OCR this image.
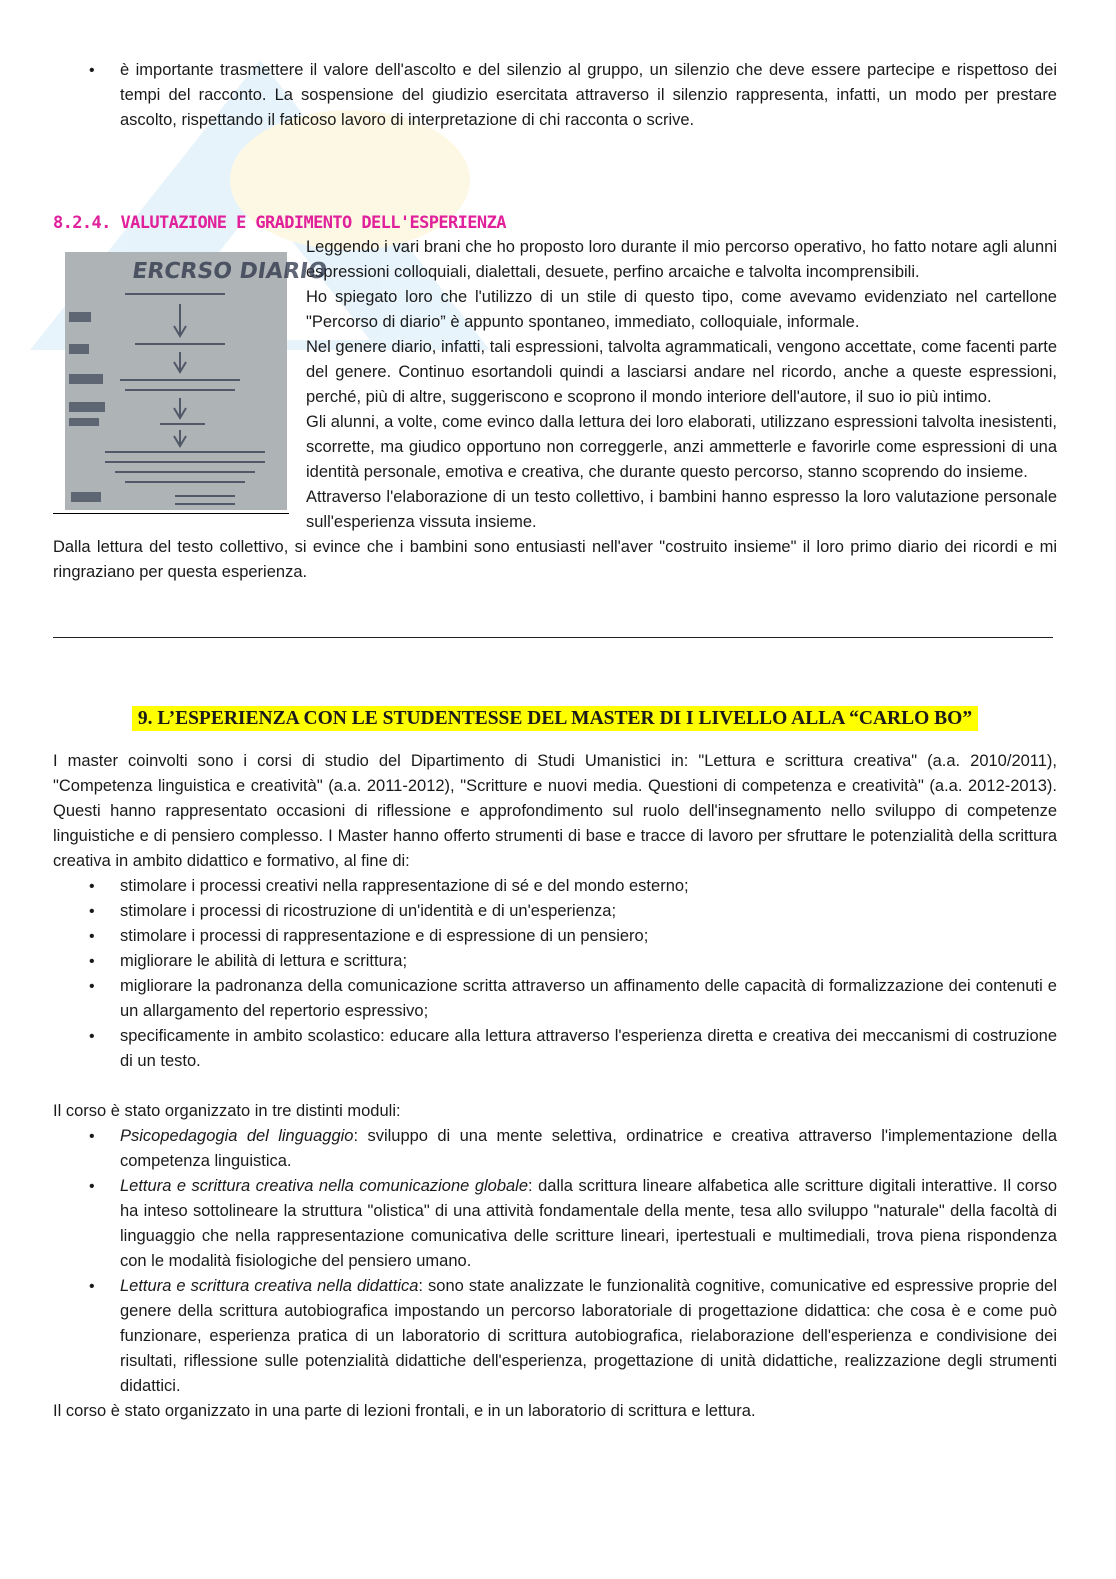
• è importante trasmettere il valore dell'ascolto e del silenzio al gruppo, un silenzio che deve essere partecipe e rispettoso dei tempi del racconto. La sospensione del giudizio esercitata attraverso il silenzio rappresenta, infatti, un modo per prestare ascolto, rispettando il faticoso lavoro di interpretazione di chi racconta o scrive.
8.2.4. VALUTAZIONE E GRADIMENTO DELL'ESPERIENZA
ERCRSO DIARIO

Leggendo i vari brani che ho proposto loro durante il mio percorso operativo, ho fatto notare agli alunni espressioni colloquiali, dialettali, desuete, perfino arcaiche e talvolta incomprensibili.

Ho spiegato loro che l'utilizzo di un stile di questo tipo, come avevamo evidenziato nel cartellone "Percorso di diario” è appunto spontaneo, immediato, colloquiale, informale.

Nel genere diario, infatti, tali espressioni, talvolta agrammaticali, vengono accettate, come facenti parte del genere. Continuo esortandoli quindi a lasciarsi andare nel ricordo, anche a queste espressioni, perché, più di altre, suggeriscono e scoprono il mondo interiore dell'autore, il suo io più intimo.

Gli alunni, a volte, come evinco dalla lettura dei loro elaborati, utilizzano espressioni talvolta inesistenti, scorrette, ma giudico opportuno non correggerle, anzi ammetterle e favorirle come espressioni di una identità personale, emotiva e creativa, che durante questo percorso, stanno scoprendo do insieme.

Attraverso l'elaborazione di un testo collettivo, i bambini hanno espresso la loro valutazione personale sull'esperienza vissuta insieme.

Dalla lettura del testo collettivo, si evince che i bambini sono entusiasti nell'aver "costruito insieme" il loro primo diario dei ricordi e mi ringraziano per questa esperienza.

9. L’ESPERIENZA CON LE STUDENTESSE DEL MASTER DI I LIVELLO ALLA “CARLO BO”

I master coinvolti sono i corsi di studio del Dipartimento di Studi Umanistici in: "Lettura e scrittura creativa" (a.a. 2010/2011), "Competenza linguistica e creatività" (a.a. 2011-2012), "Scritture e nuovi media. Questioni di competenza e creatività" (a.a. 2012-2013). Questi hanno rappresentato occasioni di riflessione e approfondimento sul ruolo dell'insegnamento nello sviluppo di competenze linguistiche e di pensiero complesso. I Master hanno offerto strumenti di base e tracce di lavoro per sfruttare le potenzialità della scrittura creativa in ambito didattico e formativo, al fine di:

• stimolare i processi creativi nella rappresentazione di sé e del mondo esterno;
• stimolare i processi di ricostruzione di un'identità e di un'esperienza;
• stimolare i processi di rappresentazione e di espressione di un pensiero;
• migliorare le abilità di lettura e scrittura;
• migliorare la padronanza della comunicazione scritta attraverso un affinamento delle capacità di formalizzazione dei contenuti e un allargamento del repertorio espressivo;
• specificamente in ambito scolastico: educare alla lettura attraverso l'esperienza diretta e creativa dei meccanismi di costruzione di un testo.

Il corso è stato organizzato in tre distinti moduli:

• Psicopedagogia del linguaggio: sviluppo di una mente selettiva, ordinatrice e creativa attraverso l'implementazione della competenza linguistica.
• Lettura e scrittura creativa nella comunicazione globale: dalla scrittura lineare alfabetica alle scritture digitali interattive. Il corso ha inteso sottolineare la struttura "olistica" di una attività fondamentale della mente, tesa allo sviluppo "naturale" della facoltà di linguaggio che nella rappresentazione comunicativa delle scritture lineari, ipertestuali e multimediali, trova piena rispondenza con le modalità fisiologiche del pensiero umano.
• Lettura e scrittura creativa nella didattica: sono state analizzate le funzionalità cognitive, comunicative ed espressive proprie del genere della scrittura autobiografica impostando un percorso laboratoriale di progettazione didattica: che cosa è e come può funzionare, esperienza pratica di un laboratorio di scrittura autobiografica, rielaborazione dell'esperienza e condivisione dei risultati, riflessione sulle potenzialità didattiche dell'esperienza, progettazione di unità didattiche, realizzazione degli strumenti didattici.

Il corso è stato organizzato in una parte di lezioni frontali, e in un laboratorio di scrittura e lettura.
